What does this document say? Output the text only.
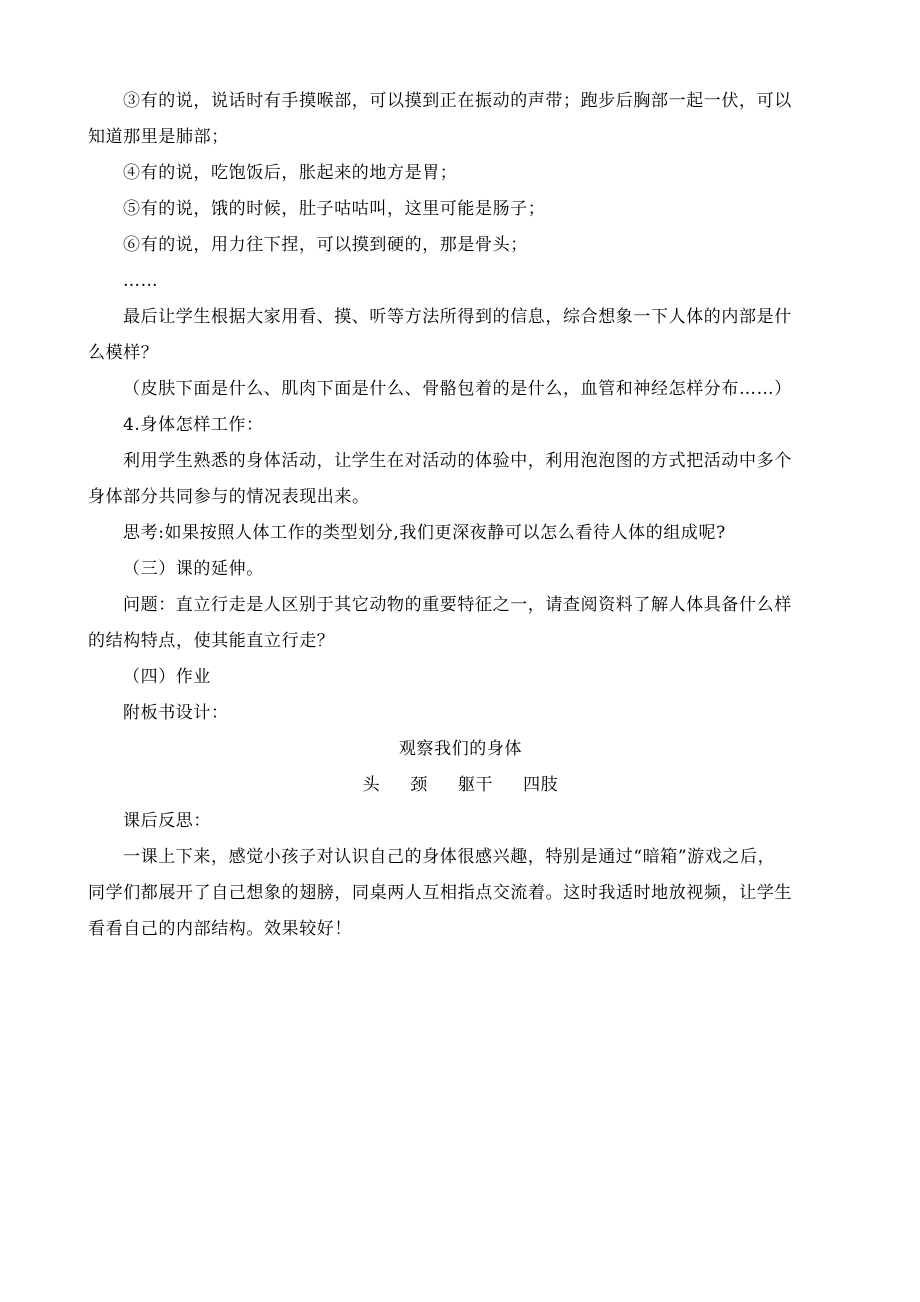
③有的说，说话时有手摸喉部，可以摸到正在振动的声带；跑步后胸部一起一伏，可以
知道那里是肺部；
④有的说，吃饱饭后，胀起来的地方是胃；
⑤有的说，饿的时候，肚子咕咕叫，这里可能是肠子；
⑥有的说，用力往下捏，可以摸到硬的，那是骨头；
……
最后让学生根据大家用看、摸、听等方法所得到的信息，综合想象一下人体的内部是什
么模样？
（皮肤下面是什么、肌肉下面是什么、骨骼包着的是什么，血管和神经怎样分布……）
4.身体怎样工作：
利用学生熟悉的身体活动，让学生在对活动的体验中，利用泡泡图的方式把活动中多个
身体部分共同参与的情况表现出来。
思考:如果按照人体工作的类型划分,我们更深夜静可以怎么看待人体的组成呢?
（三）课的延伸。
问题：直立行走是人区别于其它动物的重要特征之一，请查阅资料了解人体具备什么样
的结构特点，使其能直立行走？
（四）作业
附板书设计：
观察我们的身体
头 颈 躯干 四肢
课后反思：
一课上下来，感觉小孩子对认识自己的身体很感兴趣，特别是通过“暗箱”游戏之后，
同学们都展开了自己想象的翅膀，同桌两人互相指点交流着。这时我适时地放视频，让学生
看看自己的内部结构。效果较好！
